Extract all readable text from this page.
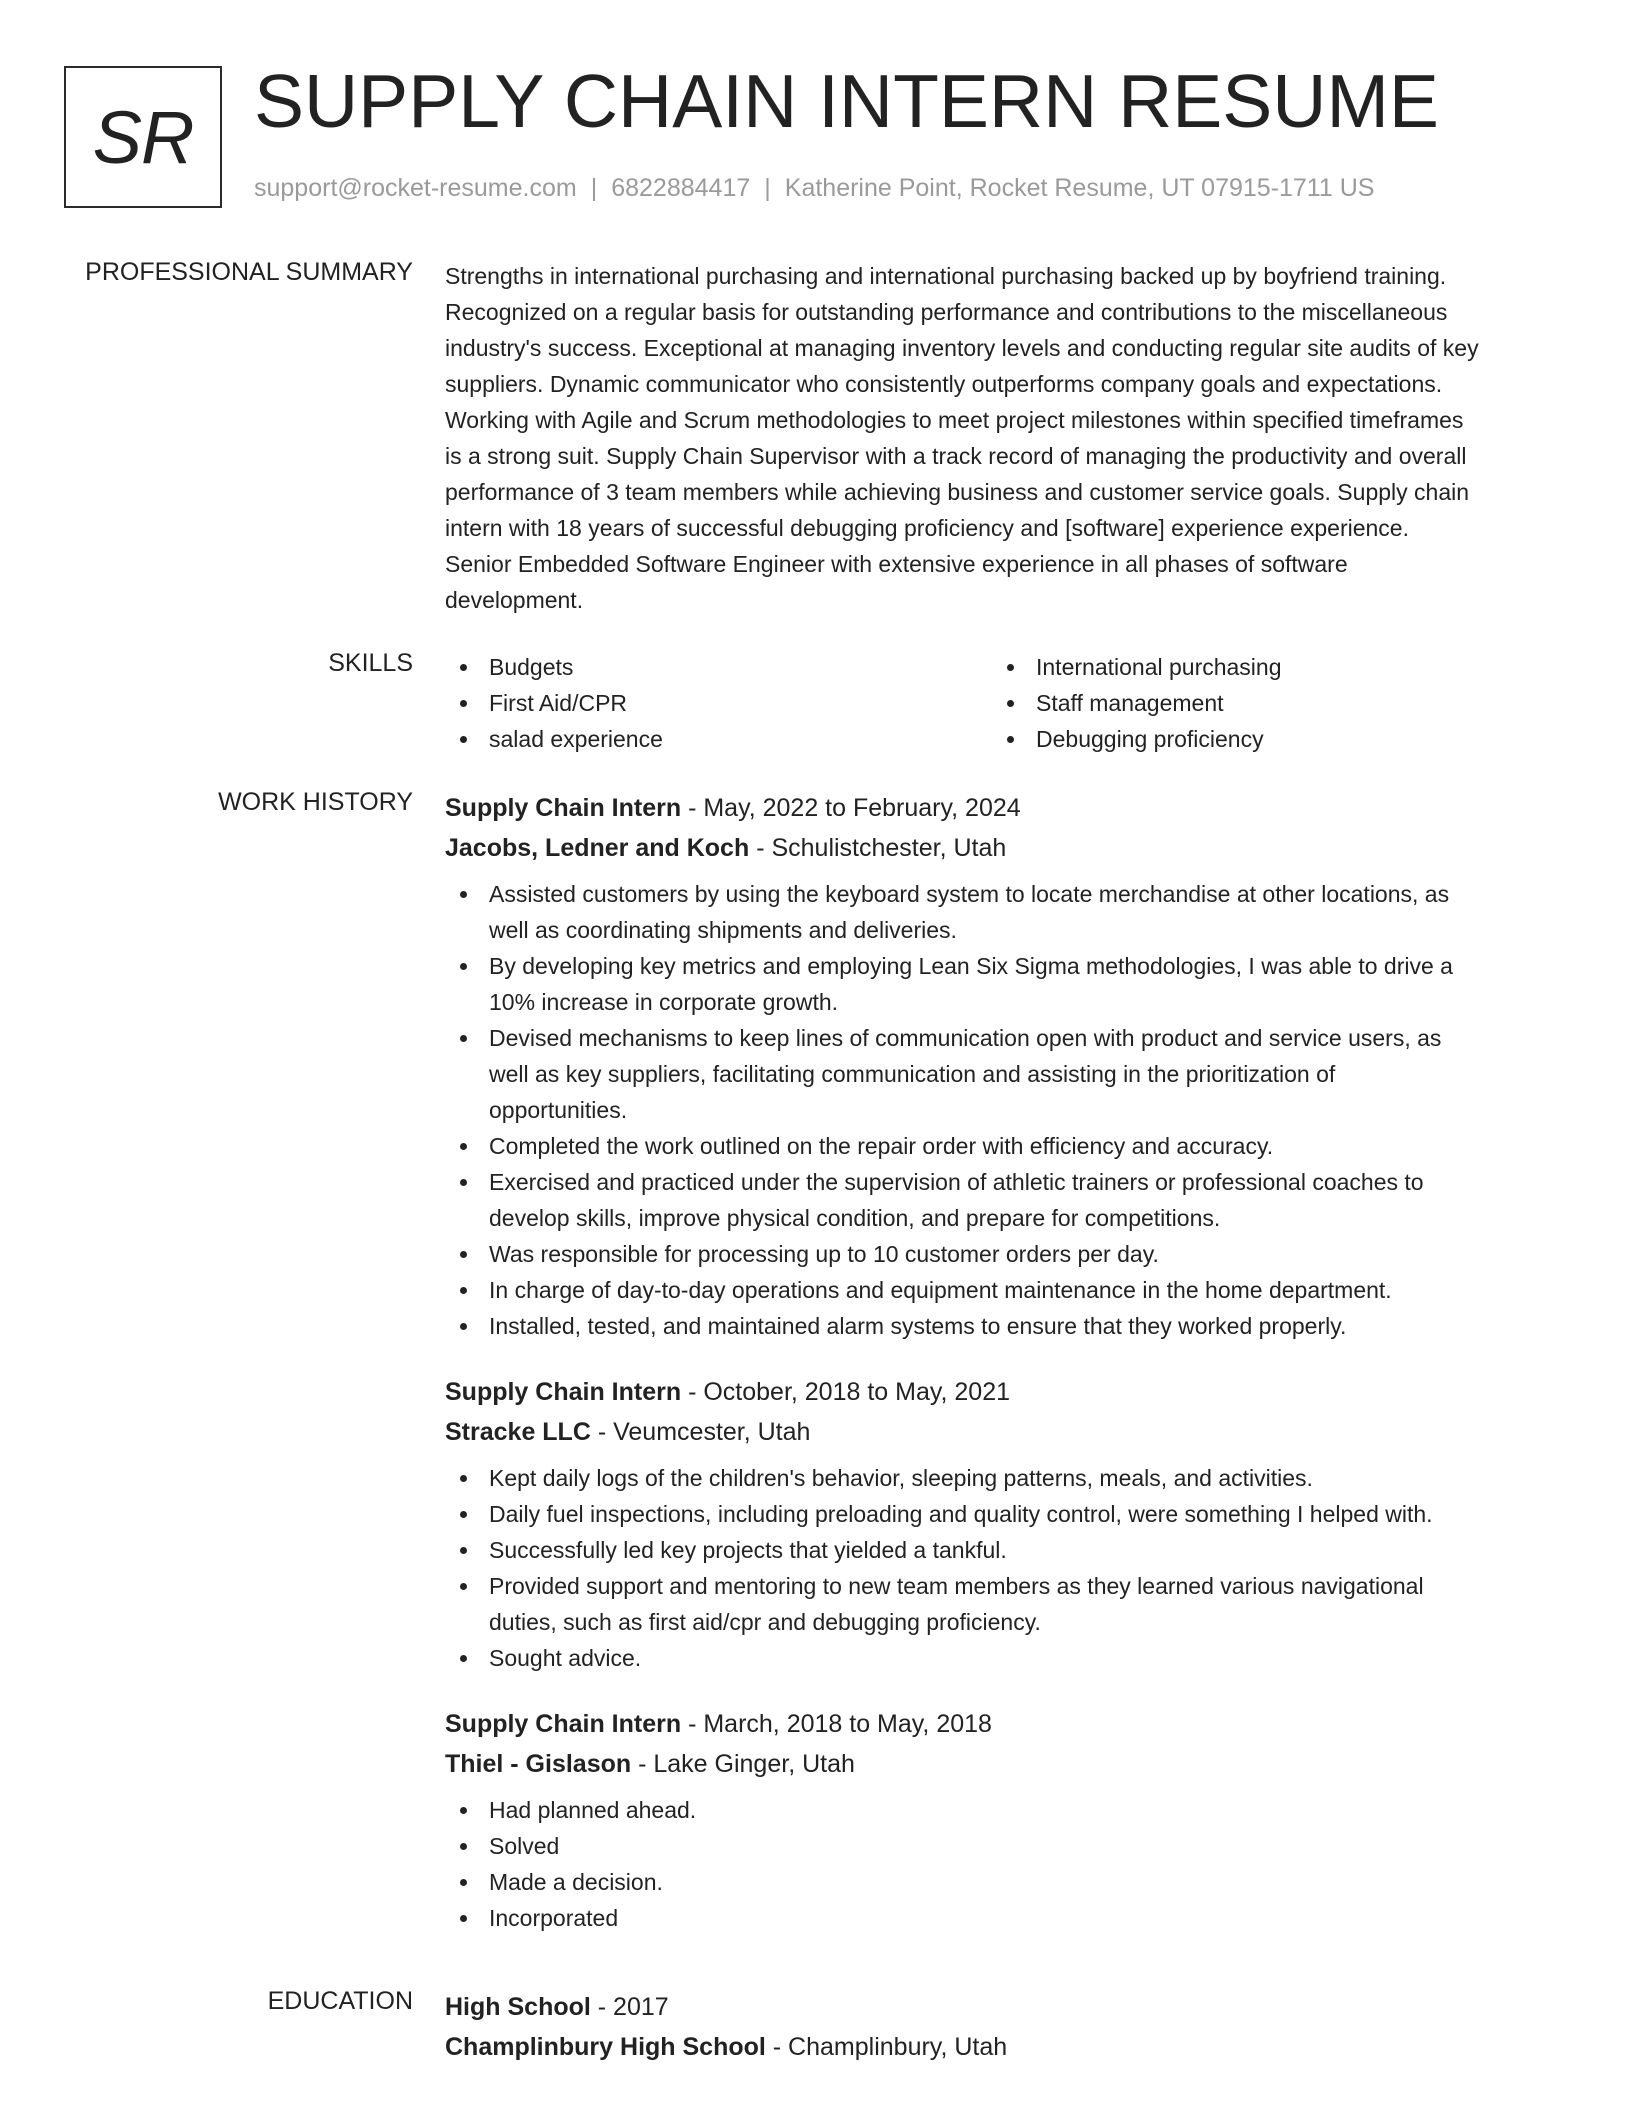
SR SUPPLY CHAIN INTERN RESUME
support@rocket-resume.com | 6822884417 | Katherine Point, Rocket Resume, UT 07915-1711 US
PROFESSIONAL SUMMARY Strengths in international purchasing and international purchasing backed up by boyfriend training.
Recognized on a regular basis for outstanding performance and contributions to the miscellaneous
industry's success. Exceptional at managing inventory levels and conducting regular site audits of key
suppliers. Dynamic communicator who consistently outperforms company goals and expectations.
Working with Agile and Scrum methodologies to meet project milestones within specified timeframes
is a strong suit. Supply Chain Supervisor with a track record of managing the productivity and overall
performance of 3 team members while achieving business and customer service goals. Supply chain
intern with 18 years of successful debugging proficiency and [software] experience experience.
Senior Embedded Software Engineer with extensive experience in all phases of software
development.
SKILLS	Budgets
First Aid/CPR
salad experience
International purchasing
Staff management
Debugging proficiency
WORK HISTORY Supply Chain Intern - May, 2022 to February, 2024
Jacobs, Ledner and Koch - Schulistchester, Utah
Assisted customers by using the keyboard system to locate merchandise at other locations, as
well as coordinating shipments and deliveries.
By developing key metrics and employing Lean Six Sigma methodologies, I was able to drive a
10% increase in corporate growth.
Devised mechanisms to keep lines of communication open with product and service users, as
well as key suppliers, facilitating communication and assisting in the prioritization of
opportunities.
Completed the work outlined on the repair order with efficiency and accuracy.
Exercised and practiced under the supervision of athletic trainers or professional coaches to
develop skills, improve physical condition, and prepare for competitions.
Was responsible for processing up to 10 customer orders per day.
In charge of day-to-day operations and equipment maintenance in the home department.
Installed, tested, and maintained alarm systems to ensure that they worked properly.
Supply Chain Intern - October, 2018 to May, 2021
Stracke LLC - Veumcester, Utah
Kept daily logs of the children's behavior, sleeping patterns, meals, and activities.
Daily fuel inspections, including preloading and quality control, were something I helped with.
Successfully led key projects that yielded a tankful.
Provided support and mentoring to new team members as they learned various navigational
duties, such as first aid/cpr and debugging proficiency.
Sought advice.
Supply Chain Intern - March, 2018 to May, 2018
Thiel - Gislason - Lake Ginger, Utah
Had planned ahead.
Solved
Made a decision.
Incorporated
EDUCATION High School - 2017
Champlinbury High School - Champlinbury, Utah
